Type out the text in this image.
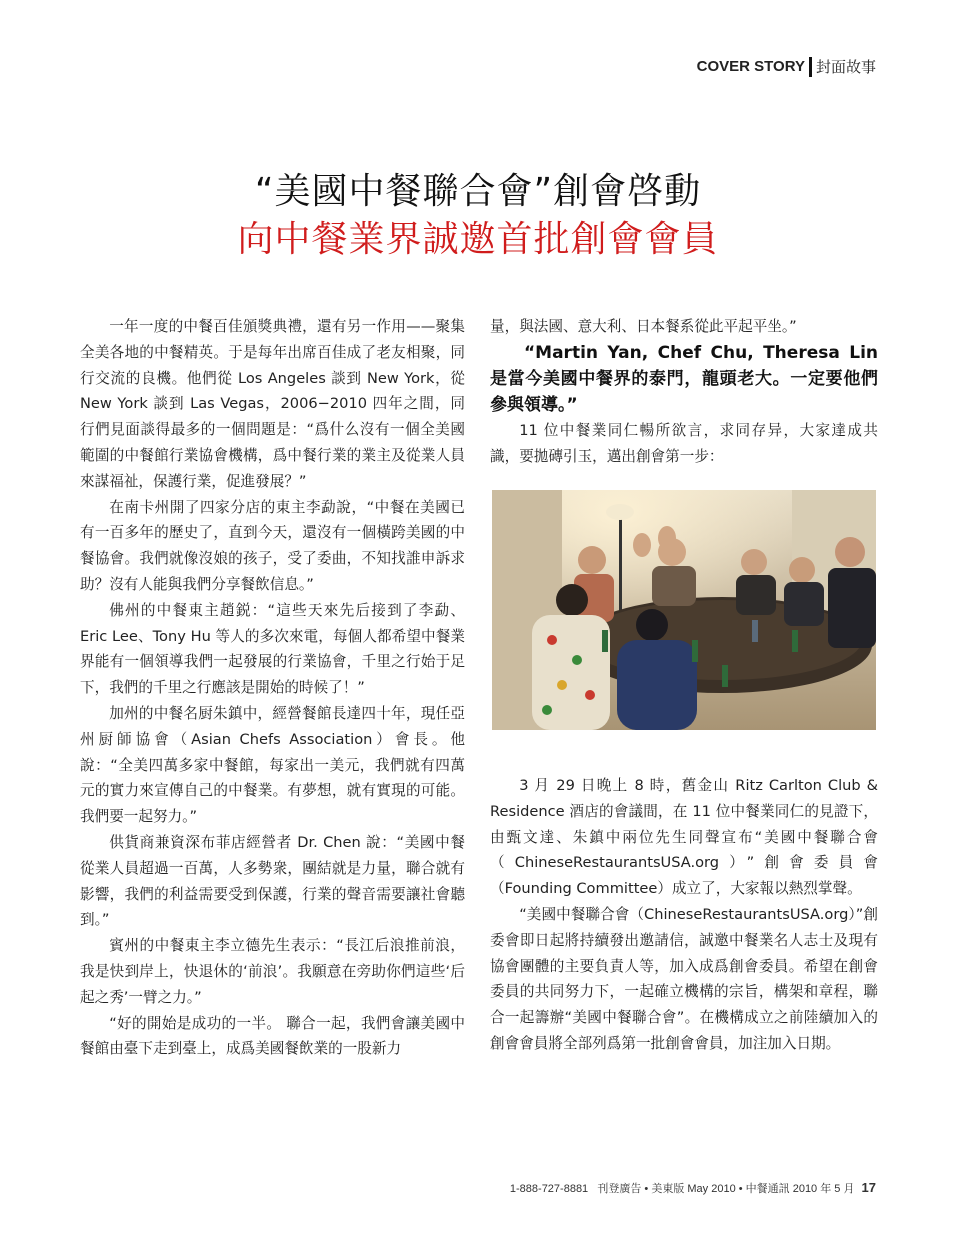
COVER STORY 封面故事
“美國中餐聯合會”創會啓動
向中餐業界誠邀首批創會會員

一年一度的中餐百佳頒獎典禮，還有另一作用——聚集全美各地的中餐精英。于是每年出席百佳成了老友相聚，同行交流的良機。他們從 Los Angeles 談到 New York，從 New York 談到 Las Vegas，2006−2010 四年之間，同行們見面談得最多的一個問題是：“爲什么沒有一個全美國範圍的中餐館行業協會機構，爲中餐行業的業主及從業人員來謀福祉，保護行業，促進發展？”

在南卡州開了四家分店的東主李勐說，“中餐在美國已有一百多年的歷史了，直到今天，還沒有一個橫跨美國的中餐協會。我們就像沒娘的孩子，受了委曲，不知找誰申訴求助？沒有人能與我們分享餐飲信息。”

佛州的中餐東主趙鋭：“這些天來先后接到了李勐、Eric Lee、Tony Hu 等人的多次來電，每個人都希望中餐業界能有一個領導我們一起發展的行業協會，千里之行始于足下，我們的千里之行應該是開始的時候了！”

加州的中餐名厨朱鎮中，經營餐館長達四十年，現任亞州厨師協會（Asian Chefs Association）會長。他說：“全美四萬多家中餐館，每家出一美元，我們就有四萬元的實力來宣傳自己的中餐業。有夢想，就有實現的可能。我們要一起努力。”

供貨商兼資深布菲店經營者 Dr. Chen 說：“美國中餐從業人員超過一百萬，人多勢衆，團結就是力量，聯合就有影響，我們的利益需要受到保護，行業的聲音需要讓社會聽到。”

賓州的中餐東主李立德先生表示：“長江后浪推前浪，我是快到岸上，快退休的‘前浪’。我願意在旁助你們這些‘后起之秀’一臂之力。”

“好的開始是成功的一半。 聯合一起，我們會讓美國中餐館由臺下走到臺上，成爲美國餐飲業的一股新力

量，與法國、意大利、日本餐系從此平起平坐。”

“Martin Yan, Chef Chu, Theresa Lin 是當今美國中餐界的泰門，龍頭老大。一定要他們參與領導。”

11 位中餐業同仁暢所欲言，求同存异，大家達成共識，要拋磚引玉，邁出創會第一步：

3 月 29 日晚上 8 時，舊金山 Ritz Carlton Club & Residence 酒店的會議間，在 11 位中餐業同仁的見證下，由甄文達、朱鎮中兩位先生同聲宣布“美國中餐聯合會（ChineseRestaurantsUSA.org）”創會委員會（Founding Committee）成立了，大家報以熱烈掌聲。

“美國中餐聯合會（ChineseRestaurantsUSA.org）”創委會即日起將持續發出邀請信，誠邀中餐業名人志士及現有協會團體的主要負責人等，加入成爲創會委員。希望在創會委員的共同努力下，一起確立機構的宗旨，構架和章程，聯合一起籌辦“美國中餐聯合會”。在機構成立之前陸續加入的創會會員將全部列爲第一批創會會員，加注加入日期。

1-888-727-8881 刊登廣告 • 美東版 May 2010 • 中餐通訊 2010 年 5 月 17
